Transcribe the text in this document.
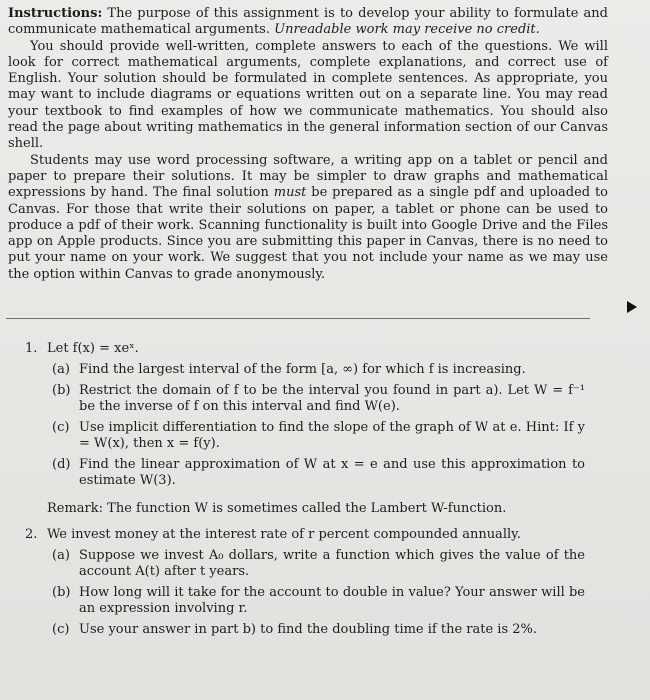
Instructions: The purpose of this assignment is to develop your ability to formulate and communicate mathematical arguments. Unreadable work may receive no credit.

You should provide well-written, complete answers to each of the questions. We will look for correct mathematical arguments, complete explanations, and correct use of English. Your solution should be formulated in complete sentences. As appropriate, you may want to include diagrams or equations written out on a separate line. You may read your textbook to find examples of how we communicate mathematics. You should also read the page about writing mathematics in the general information section of our Canvas shell.

Students may use word processing software, a writing app on a tablet or pencil and paper to prepare their solutions. It may be simpler to draw graphs and mathematical expressions by hand. The final solution must be prepared as a single pdf and uploaded to Canvas. For those that write their solutions on paper, a tablet or phone can be used to produce a pdf of their work. Scanning functionality is built into Google Drive and the Files app on Apple products. Since you are submitting this paper in Canvas, there is no need to put your name on your work. We suggest that you not include your name as we may use the option within Canvas to grade anonymously.

1. Let f(x) = xeˣ.
(a) Find the largest interval of the form [a, ∞) for which f is increasing.
(b) Restrict the domain of f to be the interval you found in part a). Let W = f⁻¹ be the inverse of f on this interval and find W(e).
(c) Use implicit differentiation to find the slope of the graph of W at e. Hint: If y = W(x), then x = f(y).
(d) Find the linear approximation of W at x = e and use this approximation to estimate W(3).
Remark: The function W is sometimes called the Lambert W-function.
2. We invest money at the interest rate of r percent compounded annually.
(a) Suppose we invest A₀ dollars, write a function which gives the value of the account A(t) after t years.
(b) How long will it take for the account to double in value? Your answer will be an expression involving r.
(c) Use your answer in part b) to find the doubling time if the rate is 2%.
